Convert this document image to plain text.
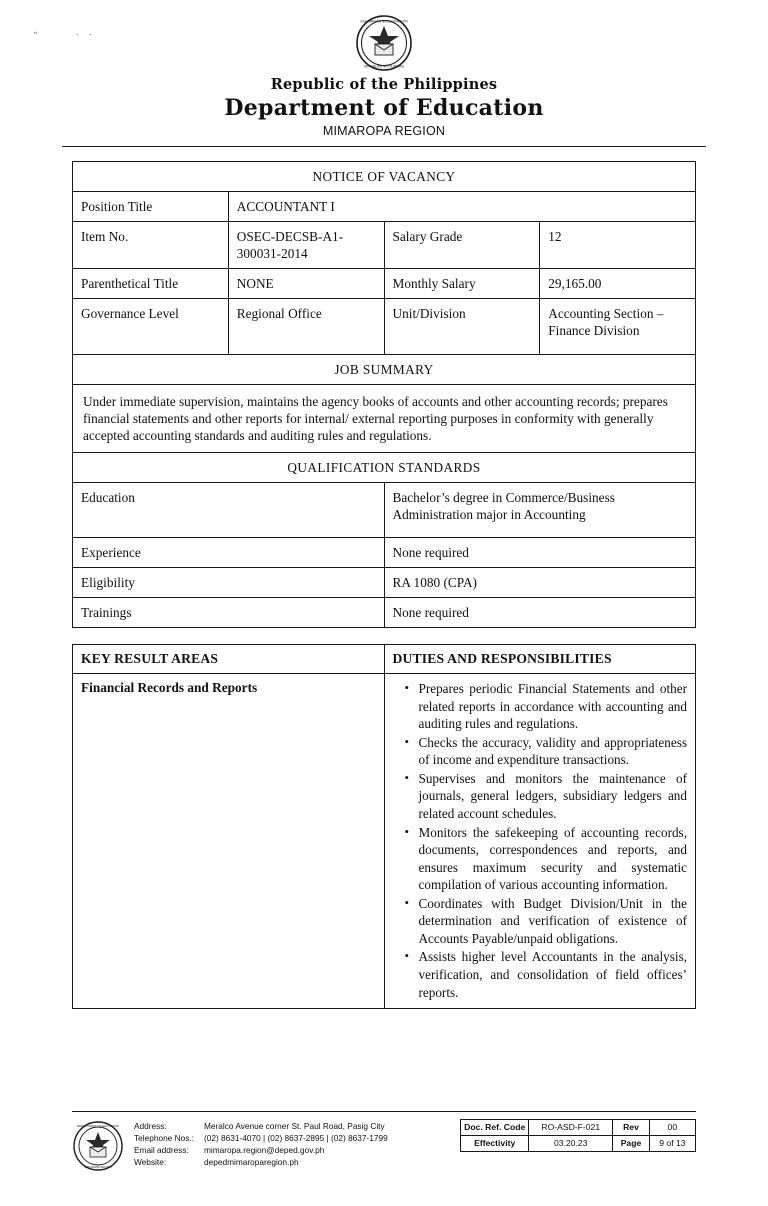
’’	. .
KAGAWARAN NG EDUKASYON
REPUBLIKA NG PILIPINAS
Republic of the Philippines
Department of Education
MIMAROPA REGION
NOTICE OF VACANCY			
Position Title	ACCOUNTANT I		
Item No.	OSEC-DECSB-A1-300031-2014	Salary Grade	12
Parenthetical Title	NONE	Monthly Salary	29,165.00
Governance Level	Regional Office	Unit/Division	Accounting Section – Finance Division
JOB SUMMARY			
Under immediate supervision, maintains the agency books of accounts and other accounting records; prepares financial statements and other reports for internal/ external reporting purposes in conformity with generally accepted accounting standards and auditing rules and regulations.			
QUALIFICATION STANDARDS			
Education		Bachelor’s degree in Commerce/Business Administration major in Accounting	
Experience		None required	
Eligibility		RA 1080 (CPA)	
Trainings		None required	
KEY RESULT AREAS	DUTIES AND RESPONSIBILITIES
Financial Records and Reports	
•Prepares periodic Financial Statements and other related reports in accordance with accounting and auditing rules and regulations.
• Checks the accuracy, validity and appropriateness of income and expenditure transactions.
• Supervises and monitors the maintenance of journals, general ledgers, subsidiary ledgers and related account schedules.
• Monitors the safekeeping of accounting records, documents, correspondences and reports, and ensures maximum security and systematic compilation of various accounting information.
• Coordinates with Budget Division/Unit in the determination and verification of existence of Accounts Payable/unpaid obligations.
• Assists higher level Accountants in the analysis, verification, and consolidation of field offices’ reports.
DEPARTMENT OF EDUCATION
MIMAROPA REGION
Address:	Meralco Avenue corner St. Paul Road, Pasig City
Telephone Nos.:	(02) 8631-4070 | (02) 8637-2895 | (02) 8637-1799
Email address:	mimaropa.region@deped.gov.ph
Website:	depedmimaroparegion.ph
Doc. Ref. Code	RO-ASD-F-021	Rev	00
Effectivity	03.20.23	Page	9 of 13
